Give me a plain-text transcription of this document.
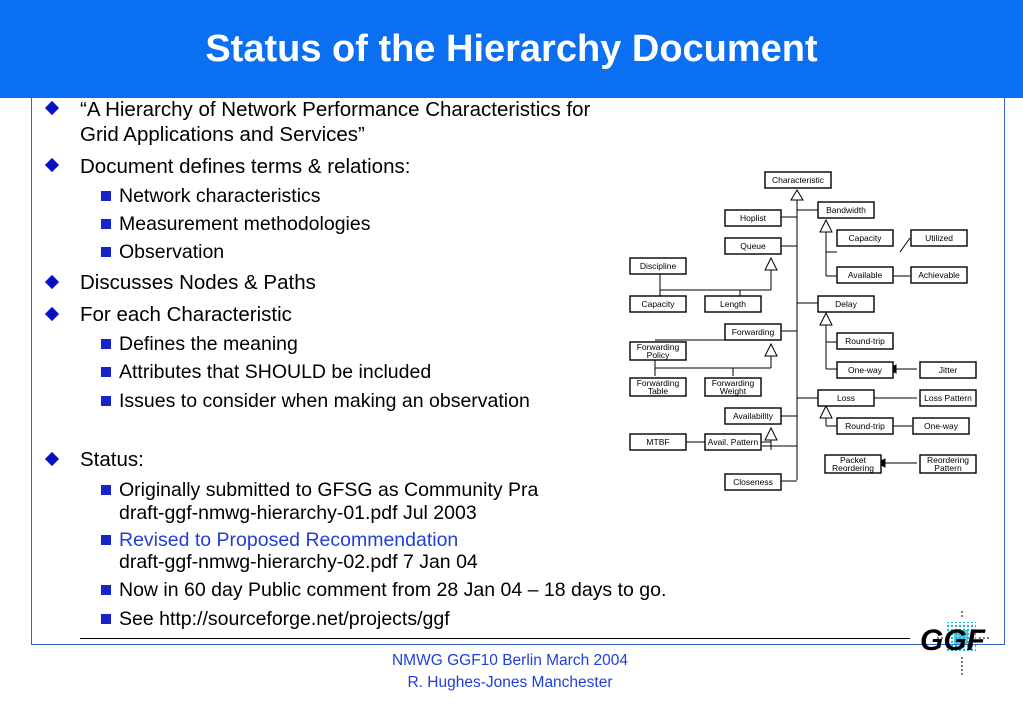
Status of the Hierarchy Document
“A Hierarchy of Network Performance Characteristics for
Grid Applications and Services”
Document defines terms & relations:
Network characteristics
Measurement methodologies
Observation
Discusses Nodes & Paths
For each Characteristic
Defines the meaning
Attributes that SHOULD be included
Issues to consider when making an observation
Status:
Originally submitted to GFSG as Community Pra
draft-ggf-nmwg-hierarchy-01.pdf Jul 2003
Revised to Proposed Recommendation
draft-ggf-nmwg-hierarchy-02.pdf 7 Jan 04
Now in 60 day Public comment from 28 Jan 04 – 18 days to go.
See http://sourceforge.net/projects/ggf
Characteristic
Hoplist
Queue
Bandwidth
Capacity	Utilized
Available	Achievable
Discipline
Capacity	Length	Delay
Forwarding
Forwarding
Policy
Round-trip
One-way	Jitter
Forwarding
Table
Forwarding
Weight
Loss	Loss Pattern
Availability
Round-trip	One-way
MTBF	Avail. Pattern
Packet
Reordering
Reordering
Pattern
Closeness
NMWG GGF10 Berlin March 2004
R. Hughes-Jones Manchester
GGF
